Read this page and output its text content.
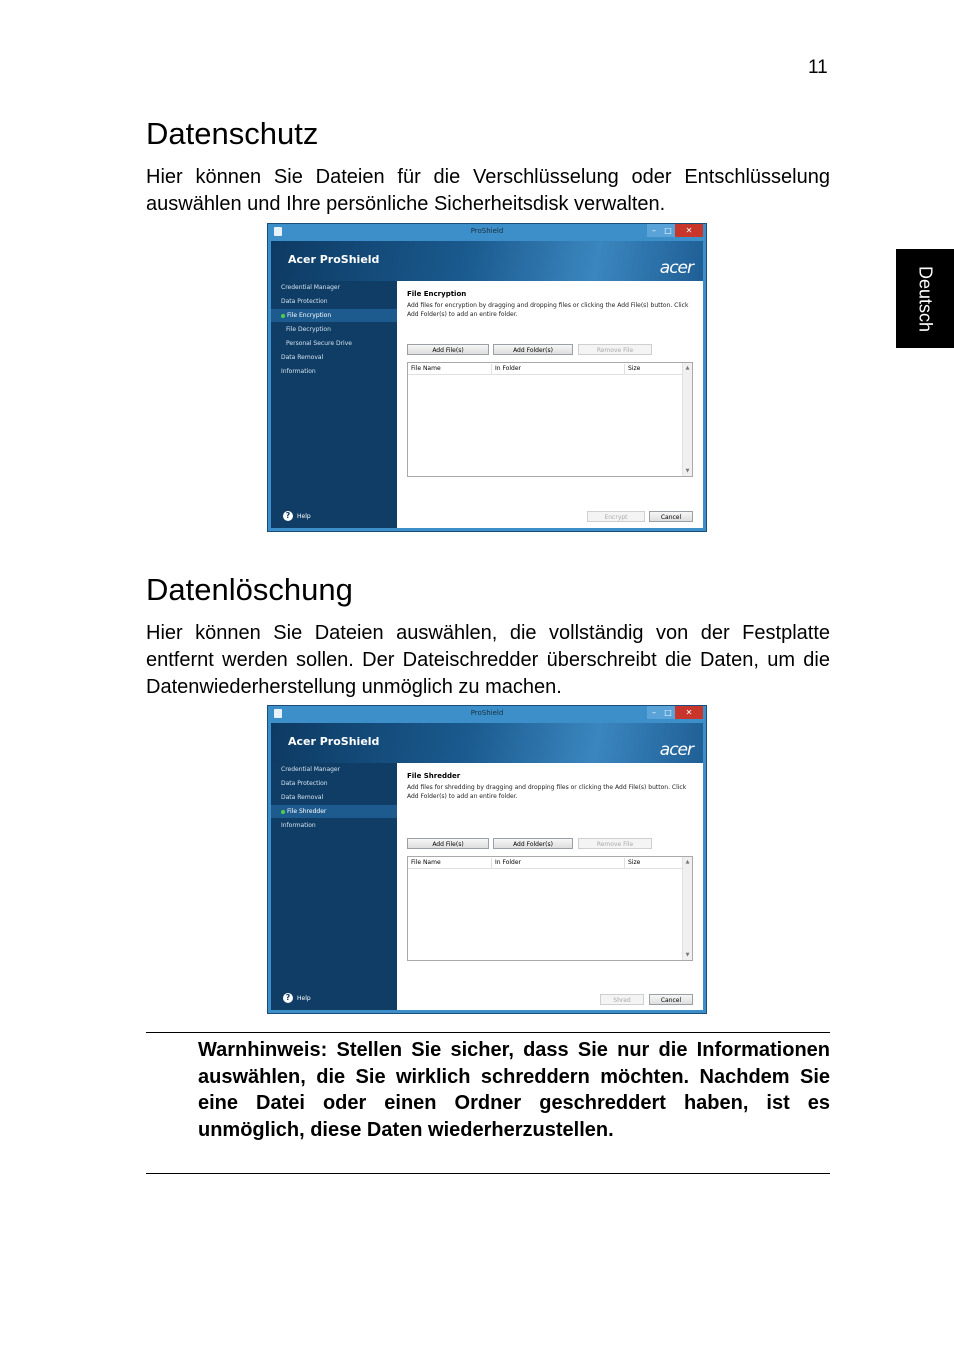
11
Deutsch
Datenschutz

Hier können Sie Dateien für die Verschlüsselung oder Entschlüsselung auswählen und Ihre persönliche Sicherheitsdisk verwalten.

ProShield	–	□	✕
Acer ProShield	acer
Credential Manager
Data Protection
File Encryption
File Decryption
Personal Secure Drive
Data Removal
Information
?	Help
File Encryption
Add files for encryption by dragging and dropping files or clicking the Add File(s) button. Click Add Folder(s) to add an entire folder.
Add File(s)	Add Folder(s)	Remove File
File Name	In Folder	Size	▲
▼
Encrypt	Cancel
Datenlöschung

Hier können Sie Dateien auswählen, die vollständig von der Festplatte entfernt werden sollen. Der Dateischredder überschreibt die Daten, um die Datenwiederherstellung unmöglich zu machen.

ProShield	–	□	✕
Acer ProShield	acer
Credential Manager
Data Protection
Data Removal
File Shredder
Information
?	Help
File Shredder
Add files for shredding by dragging and dropping files or clicking the Add File(s) button. Click Add Folder(s) to add an entire folder.
Add File(s)	Add Folder(s)	Remove File
File Name	In Folder	Size	▲
▼
Shred	Cancel

Warnhinweis: Stellen Sie sicher, dass Sie nur die Informationen auswählen, die Sie wirklich schreddern möchten. Nachdem Sie eine Datei oder einen Ordner geschreddert haben, ist es unmöglich, diese Daten wiederherzustellen.
